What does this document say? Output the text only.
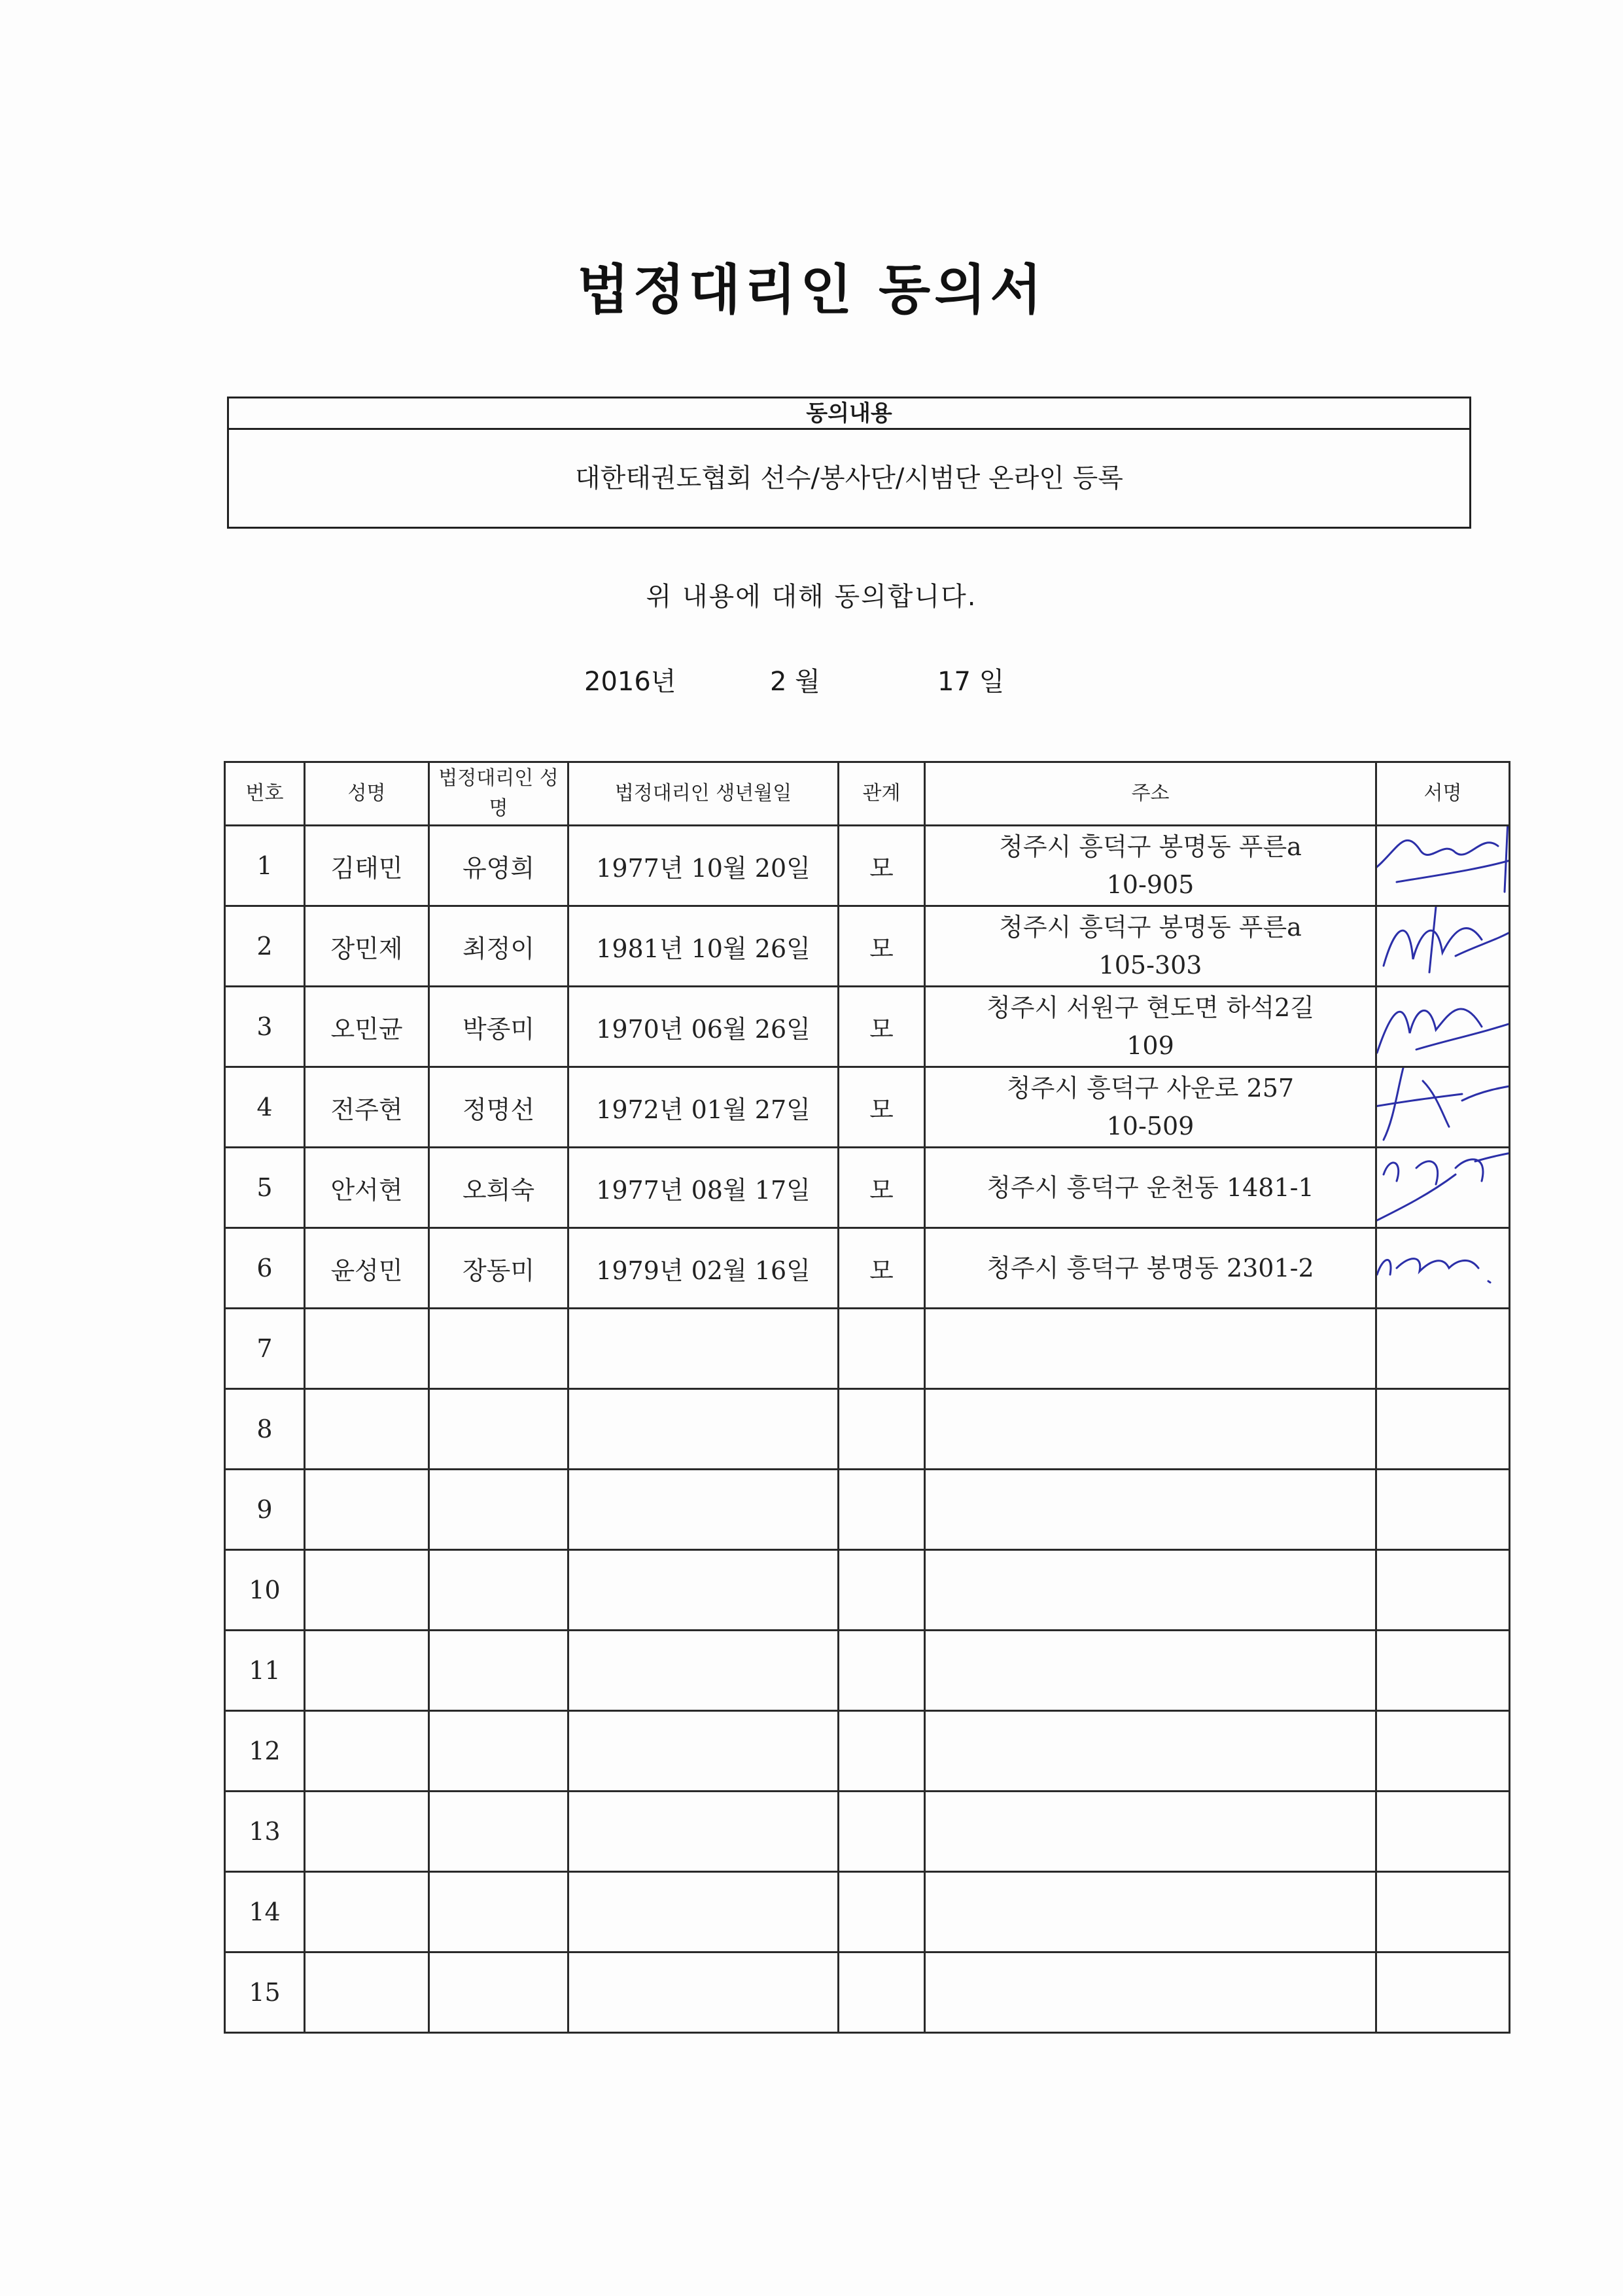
법정대리인 동의서
동의내용
대한태권도협회 선수/봉사단/시범단 온라인 등록
위 내용에 대해 동의합니다.
2016년	2 월	17 일
번호	성명	법정대리인 성명	법정대리인 생년월일	관계	주소	서명
1	김태민	유영희	1977년 10월 20일	모	청주시 흥덕구 봉명동 푸른a
10-905

2	장민제	최정이	1981년 10월 26일	모	청주시 흥덕구 봉명동 푸른a
105-303

3	오민균	박종미	1970년 06월 26일	모	청주시 서원구 현도면 하석2길
109

4	전주현	정명선	1972년 01월 27일	모	청주시 흥덕구 사운로 257
10-509

5	안서현	오희숙	1977년 08월 17일	모	청주시 흥덕구 운천동 1481-1

6	윤성민	장동미	1979년 02월 16일	모	청주시 흥덕구 봉명동 2301-2

7						
8						
9						
10						
11						
12						
13						
14						
15						
